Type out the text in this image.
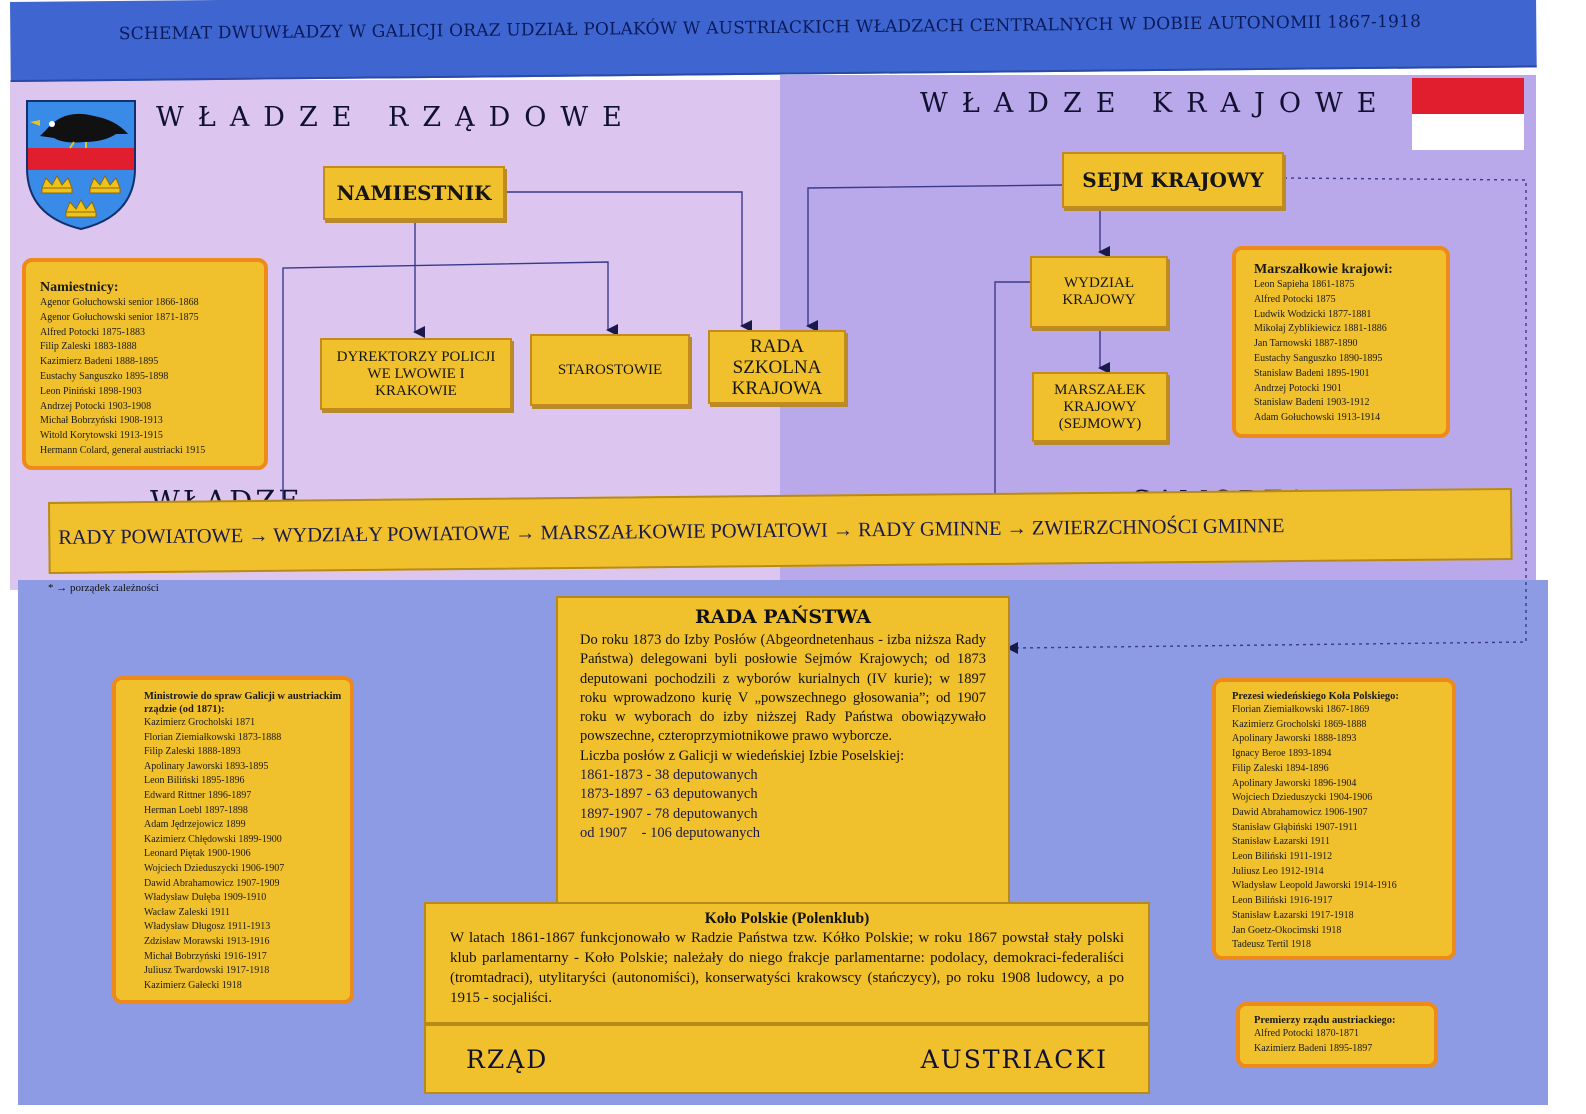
SCHEMAT DWUWŁADZY W GALICJI ORAZ UDZIAŁ POLAKÓW W AUSTRIACKICH WŁADZACH CENTRALNYCH W DOBIE AUTONOMII 1867-1918
WŁADZE RZĄDOWE	WŁADZE KRAJOWE
NAMIESTNIK
SEJM KRAJOWY
DYREKTORZY POLICJI WE LWOWIE I KRAKOWIE
STAROSTOWIE
RADA SZKOLNA KRAJOWA
WYDZIAŁ KRAJOWY
MARSZAŁEK KRAJOWY (SEJMOWY)
Namiestnicy:
Agenor Gołuchowski senior 1866-1868
Agenor Gołuchowski senior 1871-1875
Alfred Potocki 1875-1883
Filip Zaleski 1883-1888
Kazimierz Badeni 1888-1895
Eustachy Sanguszko 1895-1898
Leon Piniński 1898-1903
Andrzej Potocki 1903-1908
Michał Bobrzyński 1908-1913
Witold Korytowski 1913-1915
Hermann Colard, generał austriacki 1915
Marszałkowie krajowi:
Leon Sapieha 1861-1875
Alfred Potocki 1875
Ludwik Wodzicki 1877-1881
Mikołaj Zyblikiewicz 1881-1886
Jan Tarnowski 1887-1890
Eustachy Sanguszko 1890-1895
Stanisław Badeni 1895-1901
Andrzej Potocki 1901
Stanisław Badeni 1903-1912
Adam Gołuchowski 1913-1914
RADY POWIATOWE → WYDZIAŁY POWIATOWE → MARSZAŁKOWIE POWIATOWI → RADY GMINNE → ZWIERZCHNOŚCI GMINNE
* → porządek zależności
RADA PAŃSTWA
Do roku 1873 do Izby Posłów (Abgeordnetenhaus - izba niższa Rady Państwa) delegowani byli posłowie Sejmów Krajowych; od 1873 deputowani pochodzili z wyborów kurialnych (IV kurie); w 1897 roku wprowadzono kurię V „powszechnego głosowania”; od 1907 roku w wyborach do izby niższej Rady Państwa obowiązywało powszechne, czteroprzymiotnikowe prawo wyborcze.
Liczba posłów z Galicji w wiedeńskiej Izbie Poselskiej:
1861-1873 - 38 deputowanych
1873-1897 - 63 deputowanych
1897-1907 - 78 deputowanych
od 1907    - 106 deputowanych
Ministrowie do spraw Galicji w austriackim rządzie (od 1871):
Kazimierz Grocholski 1871
Florian Ziemiałkowski 1873-1888
Filip Zaleski 1888-1893
Apolinary Jaworski 1893-1895
Leon Biliński 1895-1896
Edward Rittner 1896-1897
Herman Loebl 1897-1898
Adam Jędrzejowicz 1899
Kazimierz Chłędowski 1899-1900
Leonard Piętak 1900-1906
Wojciech Dzieduszycki 1906-1907
Dawid Abrahamowicz 1907-1909
Władysław Dułęba 1909-1910
Wacław Zaleski 1911
Władysław Długosz 1911-1913
Zdzisław Morawski 1913-1916
Michał Bobrzyński 1916-1917
Juliusz Twardowski 1917-1918
Kazimierz Gałecki 1918
Prezesi wiedeńskiego Koła Polskiego:
Florian Ziemiałkowski 1867-1869
Kazimierz Grocholski 1869-1888
Apolinary Jaworski 1888-1893
Ignacy Beroe 1893-1894
Filip Zaleski 1894-1896
Apolinary Jaworski 1896-1904
Wojciech Dzieduszycki 1904-1906
Dawid Abrahamowicz 1906-1907
Stanisław Głąbiński 1907-1911
Stanisław Łazarski 1911
Leon Biliński 1911-1912
Juliusz Leo 1912-1914
Władysław Leopold Jaworski 1914-1916
Leon Biliński 1916-1917
Stanisław Łazarski 1917-1918
Jan Goetz-Okocimski 1918
Tadeusz Tertil 1918
Koło Polskie (Polenklub)
W latach 1861-1867 funkcjonowało w Radzie Państwa tzw. Kółko Polskie; w roku 1867 powstał stały polski klub parlamentarny - Koło Polskie; należały do niego frakcje parlamentarne: podolacy, demokraci-federaliści (tromtadraci), utylitaryści (autonomiści), konserwatyści krakowscy (stańczycy), po roku 1908 ludowcy, a po 1915 - socjaliści.
RZĄD AUSTRIACKI
Premierzy rządu austriackiego:
Alfred Potocki 1870-1871
Kazimierz Badeni 1895-1897
